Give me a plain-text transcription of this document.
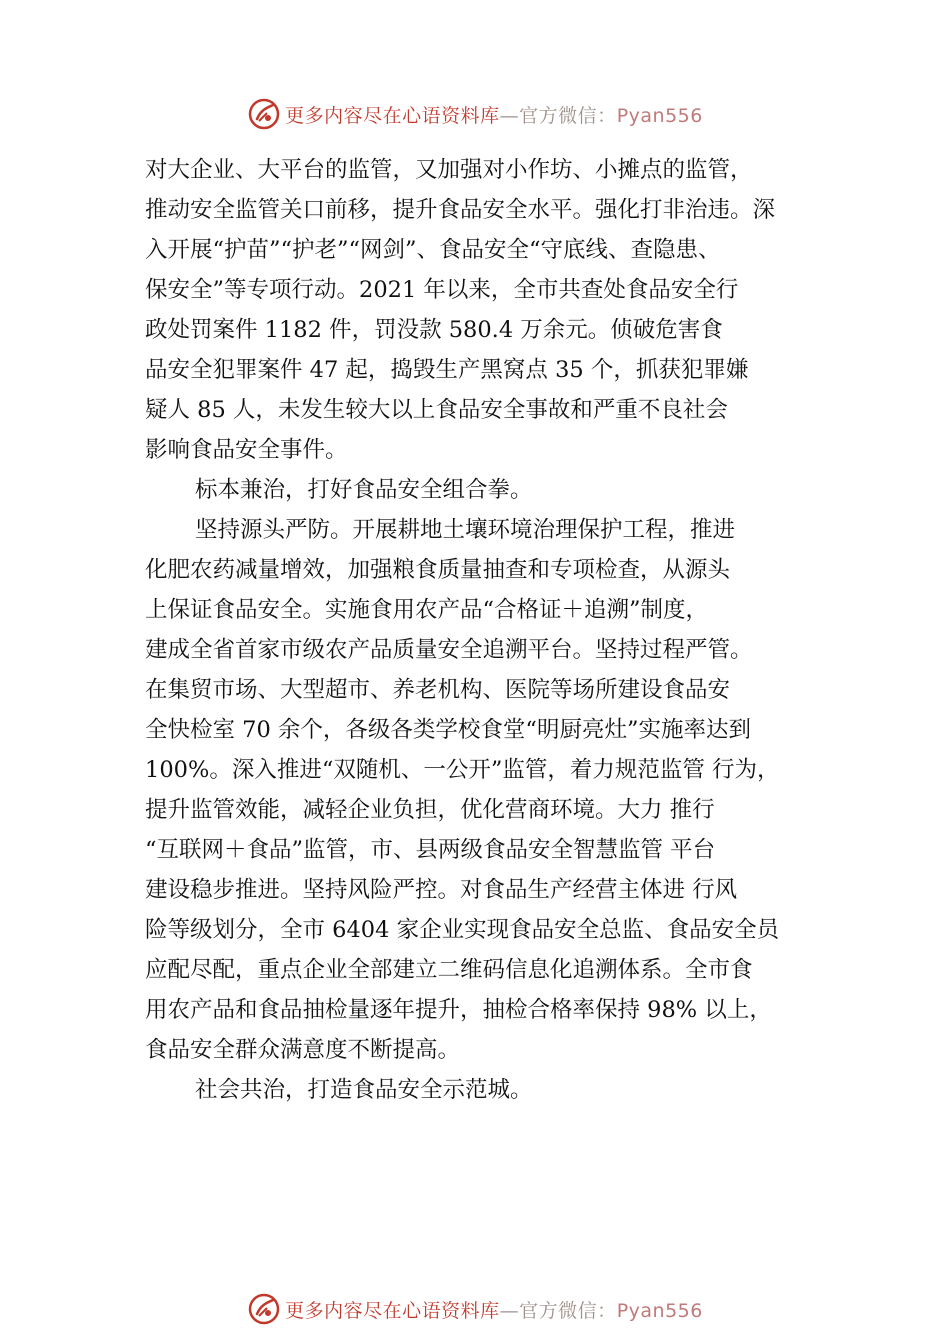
更多内容尽在心语资料库—官方微信：Pyan556
对大企业、大平台的监管，又加强对小作坊、小摊点的监管，
推动安全监管关口前移，提升食品安全水平。强化打非治违。深
入开展“护苗”“护老”“网剑”、食品安全“守底线、查隐患、
保安全”等专项行动。2021 年以来，全市共查处食品安全行
政处罚案件 1182 件，罚没款 580.4 万余元。侦破危害食
品安全犯罪案件 47 起，捣毁生产黑窝点 35 个，抓获犯罪嫌
疑人 85 人，未发生较大以上食品安全事故和严重不良社会
影响食品安全事件。
标本兼治，打好食品安全组合拳。
坚持源头严防。开展耕地土壤环境治理保护工程，推进
化肥农药减量增效，加强粮食质量抽查和专项检查，从源头
上保证食品安全。实施食用农产品“合格证＋追溯”制度，
建成全省首家市级农产品质量安全追溯平台。坚持过程严管。
在集贸市场、大型超市、养老机构、医院等场所建设食品安
全快检室 70 余个，各级各类学校食堂“明厨亮灶”实施率达到
100%。深入推进“双随机、一公开”监管，着力规范监管 行为，
提升监管效能，减轻企业负担，优化营商环境。大力 推行
“互联网＋食品”监管，市、县两级食品安全智慧监管 平台
建设稳步推进。坚持风险严控。对食品生产经营主体进 行风
险等级划分，全市 6404 家企业实现食品安全总监、食品安全员
应配尽配，重点企业全部建立二维码信息化追溯体系。全市食
用农产品和食品抽检量逐年提升，抽检合格率保持 98% 以上，
食品安全群众满意度不断提高。
社会共治，打造食品安全示范城。
更多内容尽在心语资料库—官方微信：Pyan556
